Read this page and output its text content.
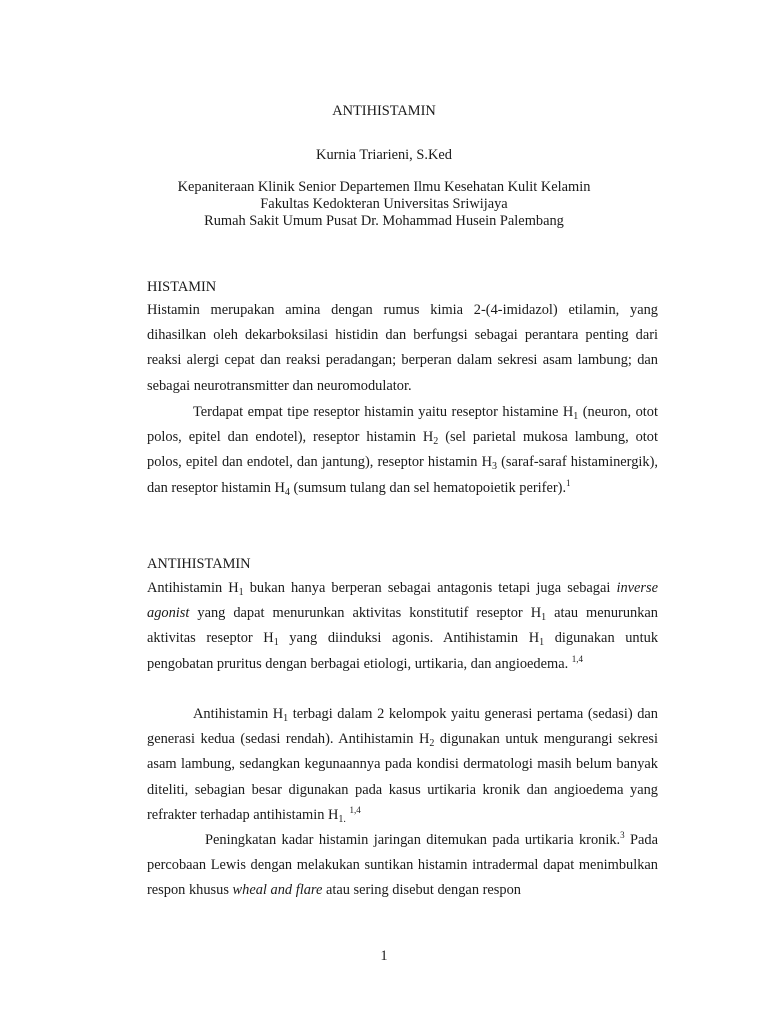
ANTIHISTAMIN
Kurnia Triarieni, S.Ked
Kepaniteraan Klinik Senior Departemen Ilmu Kesehatan Kulit Kelamin
Fakultas Kedokteran Universitas Sriwijaya
Rumah Sakit Umum Pusat Dr. Mohammad Husein Palembang
HISTAMIN

Histamin merupakan amina dengan rumus kimia 2-(4-imidazol) etilamin, yang dihasilkan oleh dekarboksilasi histidin dan berfungsi sebagai perantara penting dari reaksi alergi cepat dan reaksi peradangan; berperan dalam sekresi asam lambung; dan sebagai neurotransmitter dan neuromodulator.

Terdapat empat tipe reseptor histamin yaitu reseptor histamine $H_1$ (neuron, otot polos, epitel dan endotel), reseptor histamin $H_2$ (sel parietal mukosa lambung, otot polos, epitel dan endotel, dan jantung), reseptor histamin $H_3$ (saraf-saraf histaminergik), dan reseptor histamin $H_4$ (sumsum tulang dan sel hematopoietik perifer).$^1$

ANTIHISTAMIN

Antihistamin $H_1$ bukan hanya berperan sebagai antagonis tetapi juga sebagai inverse agonist yang dapat menurunkan aktivitas konstitutif reseptor $H_1$ atau menurunkan aktivitas reseptor $H_1$ yang diinduksi agonis. Antihistamin $H_1$ digunakan untuk pengobatan pruritus dengan berbagai etiologi, urtikaria, dan angioedema. $^{1,4}$

Antihistamin $H_1$ terbagi dalam 2 kelompok yaitu generasi pertama (sedasi) dan generasi kedua (sedasi rendah). Antihistamin $H_2$ digunakan untuk mengurangi sekresi asam lambung, sedangkan kegunaannya pada kondisi dermatologi masih belum banyak diteliti, sebagian besar digunakan pada kasus urtikaria kronik dan angioedema yang refrakter terhadap antihistamin $H_{1.}$ $^{1,4}$

Peningkatan kadar histamin jaringan ditemukan pada urtikaria kronik.$^3$ Pada percobaan Lewis dengan melakukan suntikan histamin intradermal dapat menimbulkan respon khusus wheal and flare atau sering disebut dengan respon

1
